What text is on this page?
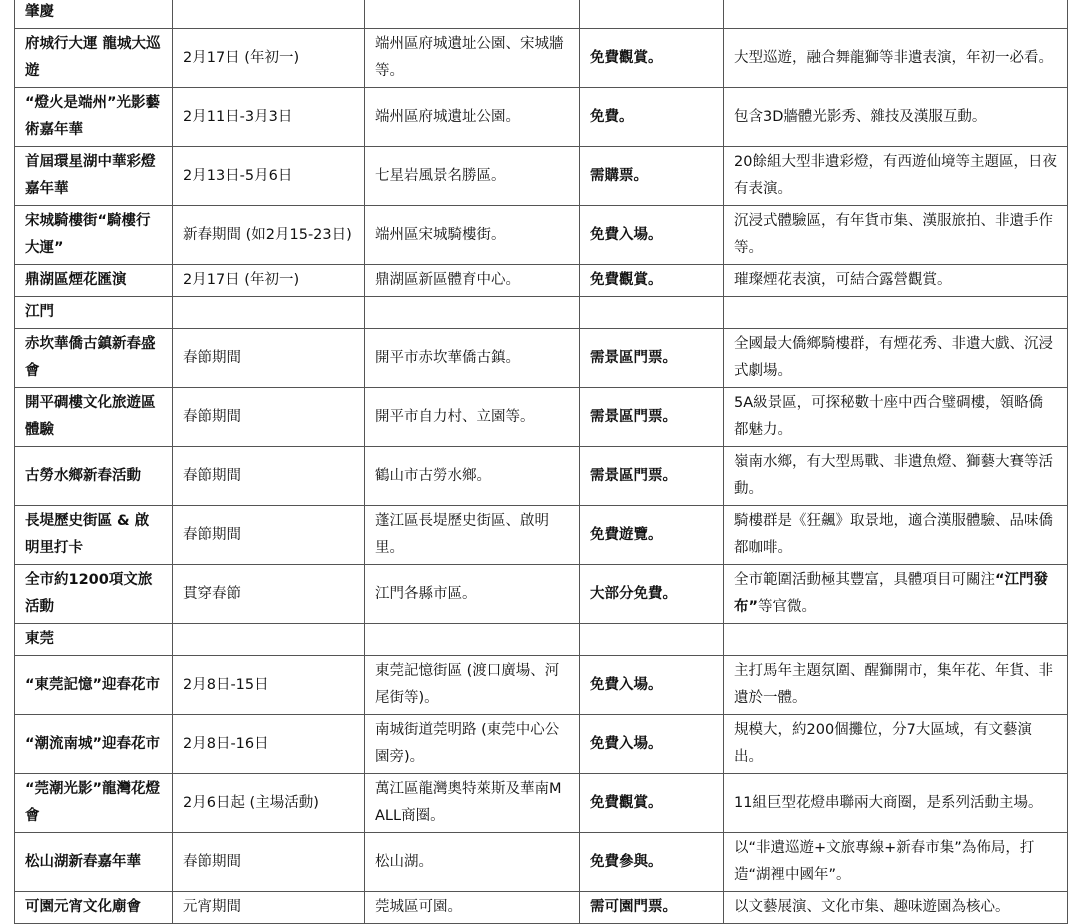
肇慶				
府城行大運 龍城大巡遊	2月17日 (年初一)	端州區府城遺址公園、宋城牆等。	免費觀賞。	大型巡遊，融合舞龍獅等非遺表演，年初一必看。
“燈火是端州”光影藝術嘉年華	2月11日-3月3日	端州區府城遺址公園。	免費。	包含3D牆體光影秀、雜技及漢服互動。
首屆環星湖中華彩燈嘉年華	2月13日-5月6日	七星岩風景名勝區。	需購票。	20餘組大型非遺彩燈，有西遊仙境等主題區，日夜有表演。
宋城騎樓街“騎樓行大運”	新春期間 (如2月15-23日)	端州區宋城騎樓街。	免費入場。	沉浸式體驗區，有年貨市集、漢服旅拍、非遺手作等。
鼎湖區煙花匯演	2月17日 (年初一)	鼎湖區新區體育中心。	免費觀賞。	璀璨煙花表演，可結合露營觀賞。
江門				
赤坎華僑古鎮新春盛會	春節期間	開平市赤坎華僑古鎮。	需景區門票。	全國最大僑鄉騎樓群，有煙花秀、非遺大戲、沉浸式劇場。
開平碉樓文化旅遊區體驗	春節期間	開平市自力村、立園等。	需景區門票。	5A級景區，可探秘數十座中西合璧碉樓，領略僑都魅力。
古勞水鄉新春活動	春節期間	鶴山市古勞水鄉。	需景區門票。	嶺南水鄉，有大型馬戰、非遺魚燈、獅藝大賽等活動。
長堤歷史街區 & 啟明里打卡	春節期間	蓬江區長堤歷史街區、啟明里。	免費遊覽。	騎樓群是《狂飆》取景地，適合漢服體驗、品味僑都咖啡。
全市約1200項文旅活動	貫穿春節	江門各縣市區。	大部分免費。	全市範圍活動極其豐富，具體項目可關注“江門發布”等官微。
東莞				
“東莞記憶”迎春花市	2月8日-15日	東莞記憶街區 (渡口廣場、河尾街等)。	免費入場。	主打馬年主題氛圍、醒獅開市，集年花、年貨、非遺於一體。
“潮流南城”迎春花市	2月8日-16日	南城街道莞明路 (東莞中心公園旁)。	免費入場。	規模大，約200個攤位，分7大區域，有文藝演出。
“莞潮光影”龍灣花燈會	2月6日起 (主場活動)	萬江區龍灣奧特萊斯及華南MALL商圈。	免費觀賞。	11組巨型花燈串聯兩大商圈，是系列活動主場。
松山湖新春嘉年華	春節期間	松山湖。	免費參與。	以“非遺巡遊+文旅專線+新春市集”為佈局，打造“湖裡中國年”。
可園元宵文化廟會	元宵期間	莞城區可園。	需可園門票。	以文藝展演、文化市集、趣味遊園為核心。
